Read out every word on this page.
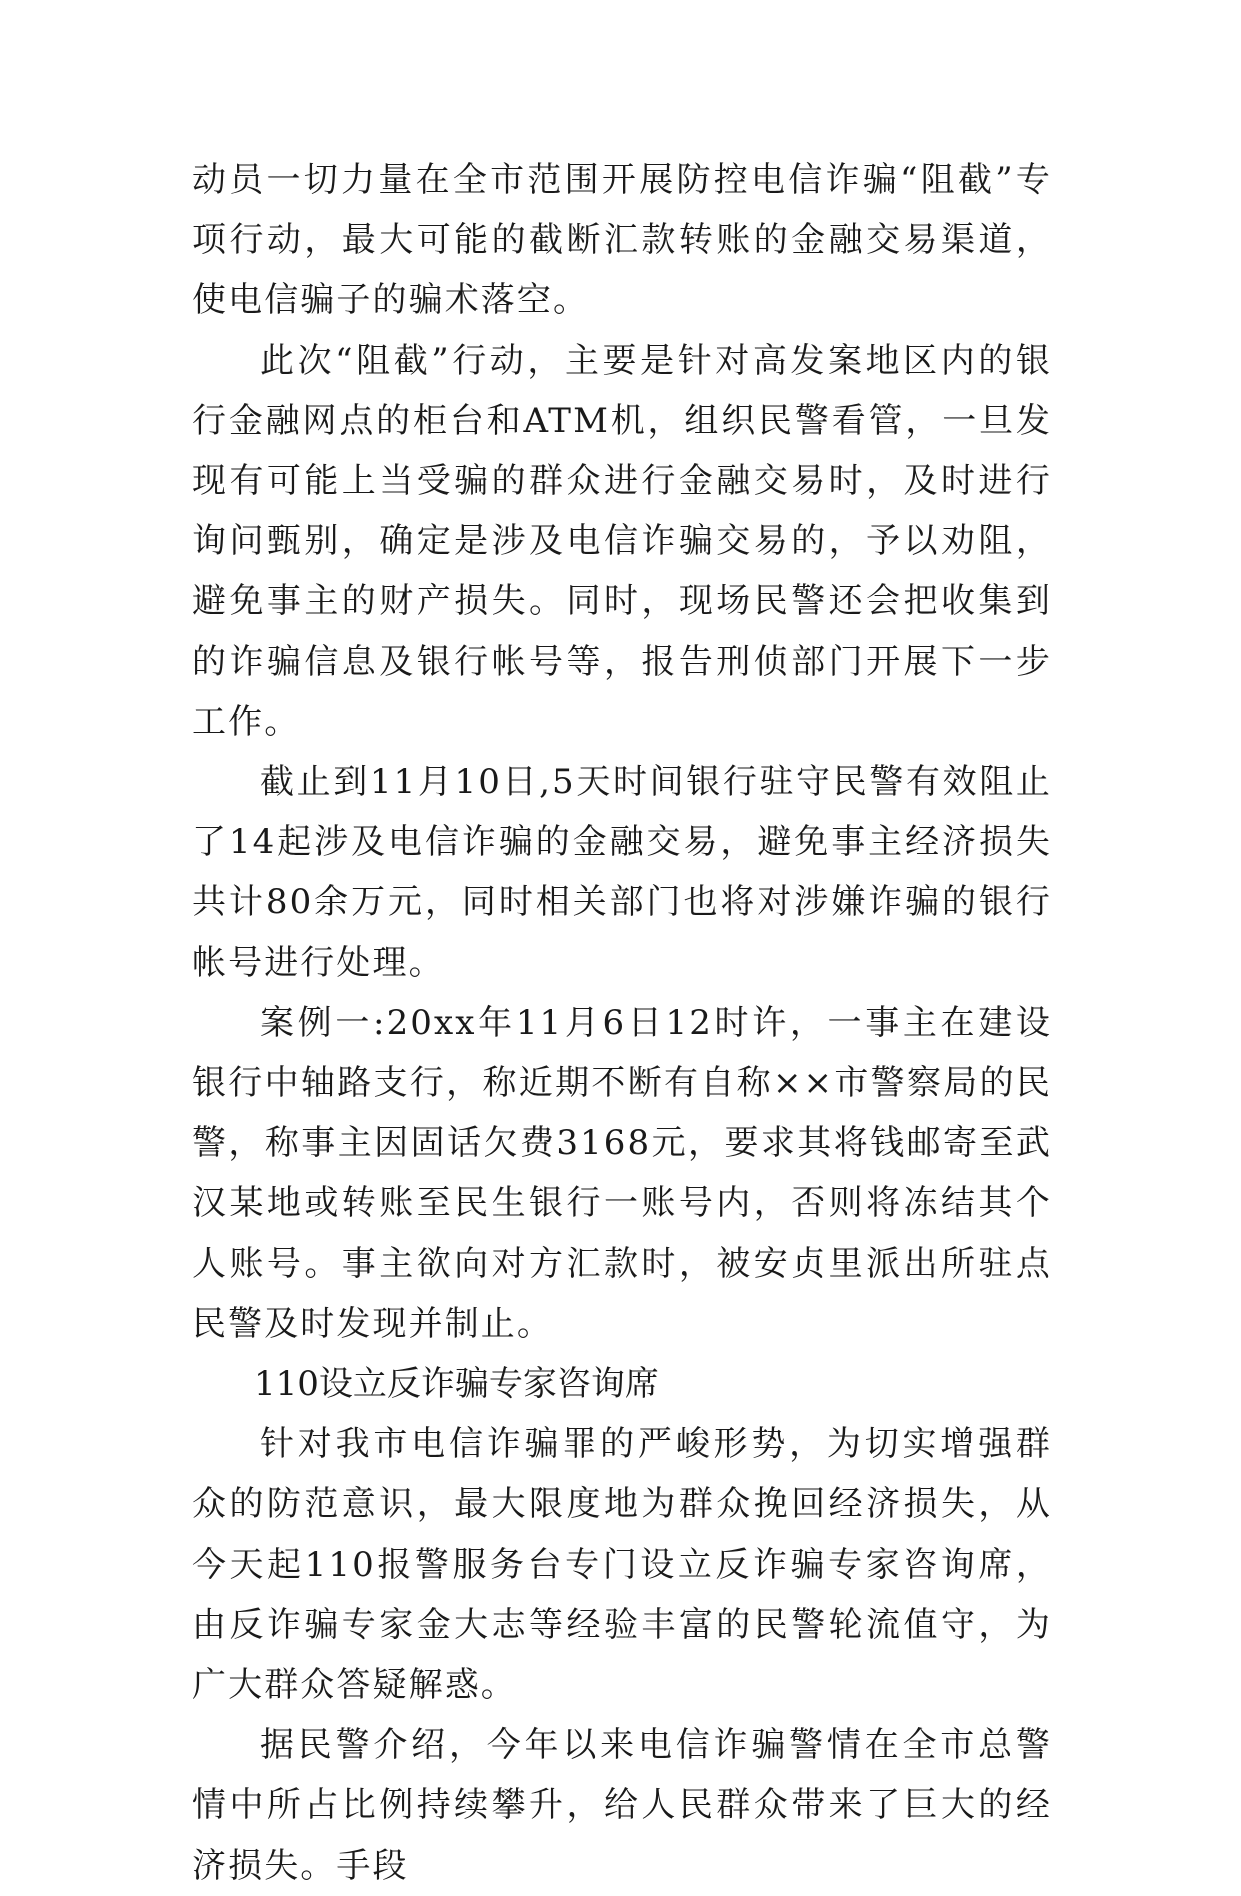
动员一切力量在全市范围开展防控电信诈骗“阻截”专项行动，最大可能的截断汇款转账的金融交易渠道，使电信骗子的骗术落空。

此次“阻截”行动，主要是针对高发案地区内的银行金融网点的柜台和ATM机，组织民警看管，一旦发现有可能上当受骗的群众进行金融交易时，及时进行询问甄别，确定是涉及电信诈骗交易的，予以劝阻，避免事主的财产损失。同时，现场民警还会把收集到的诈骗信息及银行帐号等，报告刑侦部门开展下一步工作。

截止到11月10日,5天时间银行驻守民警有效阻止了14起涉及电信诈骗的金融交易，避免事主经济损失共计80余万元，同时相关部门也将对涉嫌诈骗的银行帐号进行处理。

案例一:20xx年11月6日12时许，一事主在建设银行中轴路支行，称近期不断有自称××市警察局的民警，称事主因固话欠费3168元，要求其将钱邮寄至武汉某地或转账至民生银行一账号内，否则将冻结其个人账号。事主欲向对方汇款时，被安贞里派出所驻点民警及时发现并制止。

110设立反诈骗专家咨询席

针对我市电信诈骗罪的严峻形势，为切实增强群众的防范意识，最大限度地为群众挽回经济损失，从今天起110报警服务台专门设立反诈骗专家咨询席，由反诈骗专家金大志等经验丰富的民警轮流值守，为广大群众答疑解惑。

据民警介绍，今年以来电信诈骗警情在全市总警情中所占比例持续攀升，给人民群众带来了巨大的经济损失。手段
